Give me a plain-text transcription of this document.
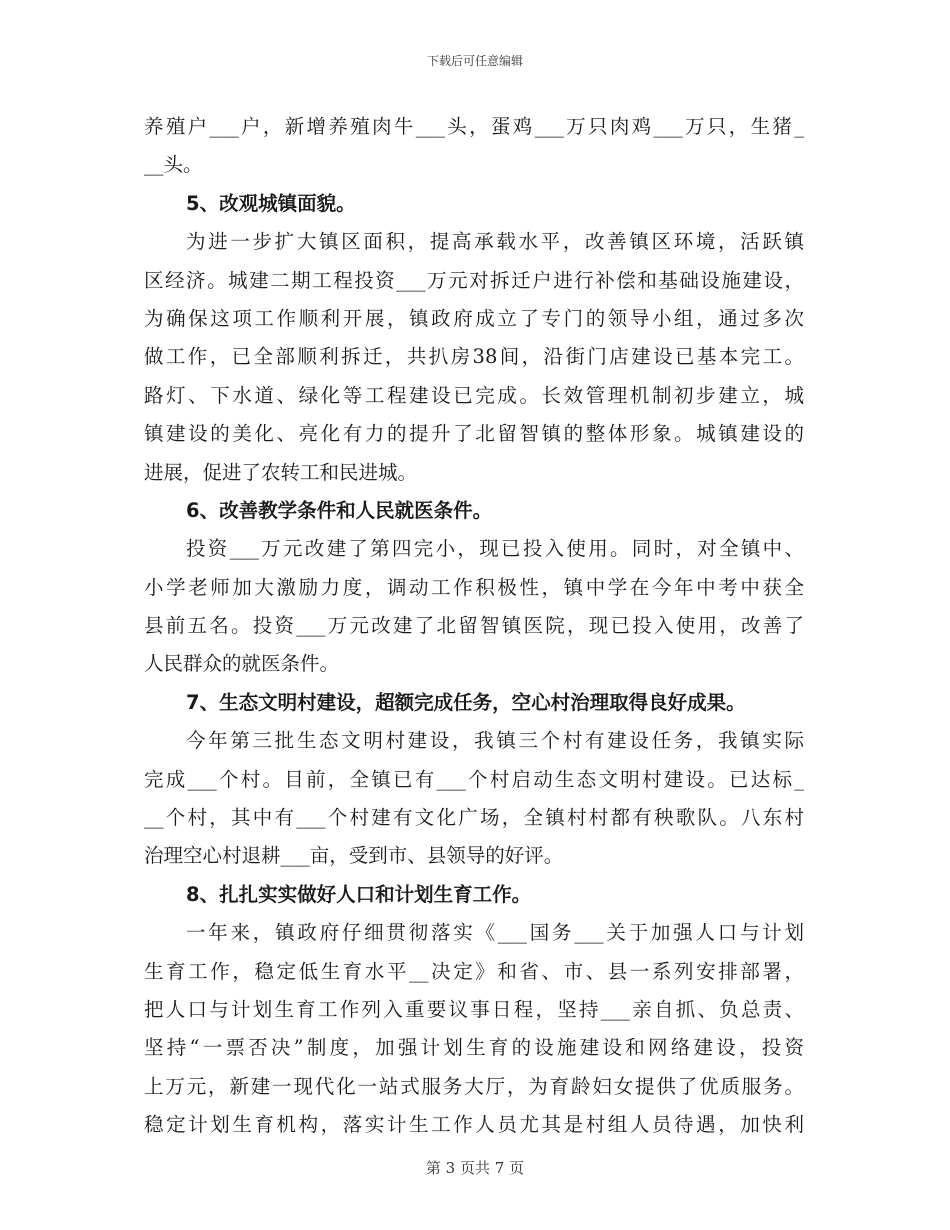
下载后可任意编辑
养殖户___户，新增养殖肉牛___头，蛋鸡___万只肉鸡___万只，生猪_
__头。
5、改观城镇面貌。
为进一步扩大镇区面积，提高承载水平，改善镇区环境，活跃镇
区经济。城建二期工程投资___万元对拆迁户进行补偿和基础设施建设，
为确保这项工作顺利开展，镇政府成立了专门的领导小组，通过多次
做工作，已全部顺利拆迁，共扒房38间，沿街门店建设已基本完工。
路灯、下水道、绿化等工程建设已完成。长效管理机制初步建立，城
镇建设的美化、亮化有力的提升了北留智镇的整体形象。城镇建设的
进展，促进了农转工和民进城。
6、改善教学条件和人民就医条件。
投资___万元改建了第四完小，现已投入使用。同时，对全镇中、
小学老师加大激励力度，调动工作积极性，镇中学在今年中考中获全
县前五名。投资___万元改建了北留智镇医院，现已投入使用，改善了
人民群众的就医条件。
7、生态文明村建设，超额完成任务，空心村治理取得良好成果。
今年第三批生态文明村建设，我镇三个村有建设任务，我镇实际
完成___个村。目前，全镇已有___个村启动生态文明村建设。已达标_
__个村，其中有___个村建有文化广场，全镇村村都有秧歌队。八东村
治理空心村退耕___亩，受到市、县领导的好评。
8、扎扎实实做好人口和计划生育工作。
一年来，镇政府仔细贯彻落实《___国务___关于加强人口与计划
生育工作，稳定低生育水平__决定》和省、市、县一系列安排部署，
把人口与计划生育工作列入重要议事日程，坚持___亲自抓、负总责、
坚持“一票否决”制度，加强计划生育的设施建设和网络建设，投资
上万元，新建一现代化一站式服务大厅，为育龄妇女提供了优质服务。
稳定计划生育机构，落实计生工作人员尤其是村组人员待遇，加快利
第 3 页共 7 页
